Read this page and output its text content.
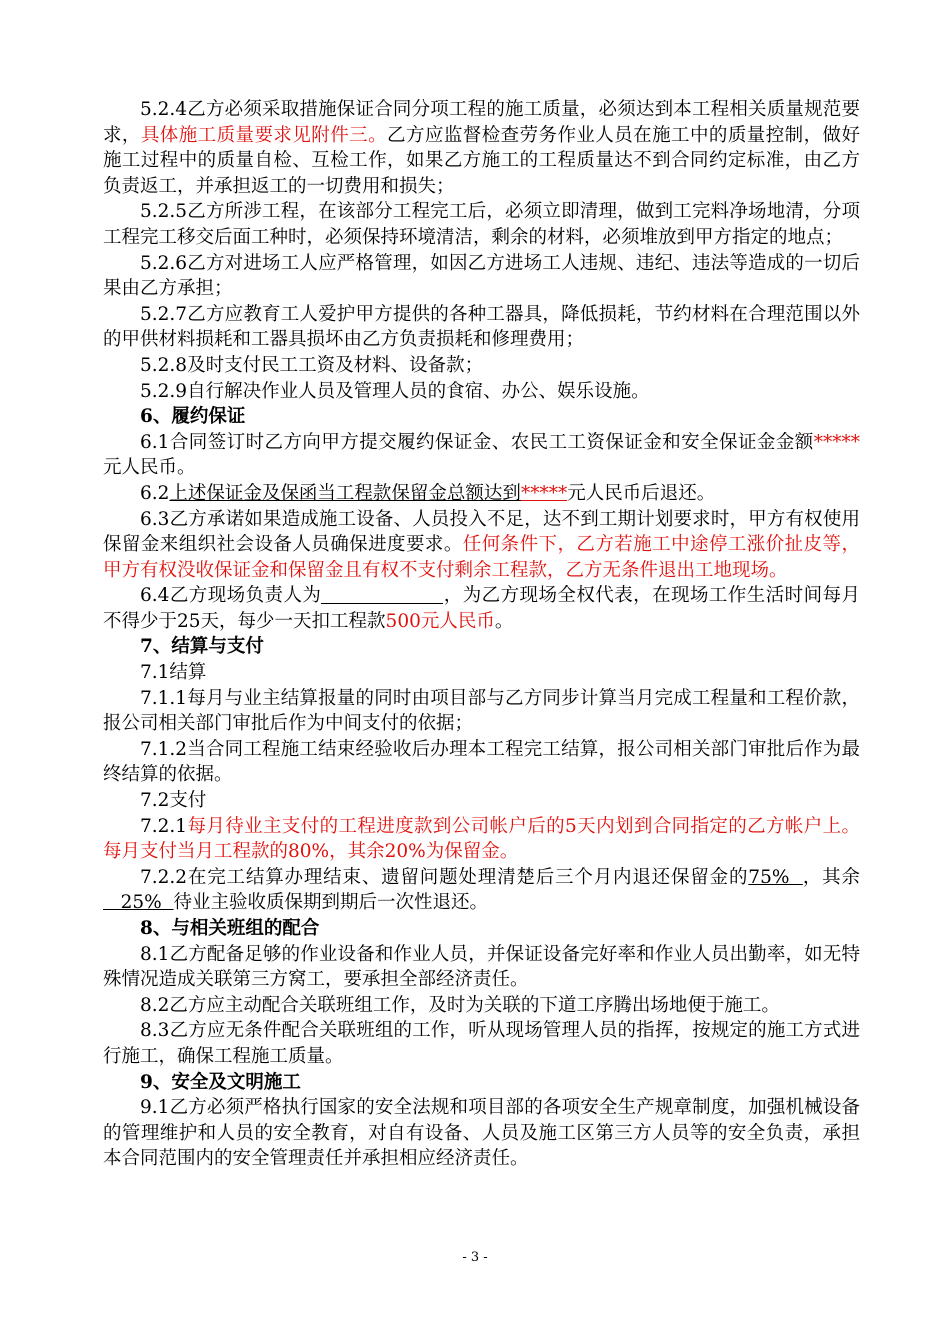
5.2.4乙方必须采取措施保证合同分项工程的施工质量，必须达到本工程相关质量规范要求，具体施工质量要求见附件三。乙方应监督检查劳务作业人员在施工中的质量控制，做好施工过程中的质量自检、互检工作，如果乙方施工的工程质量达不到合同约定标准，由乙方负责返工，并承担返工的一切费用和损失；

5.2.5乙方所涉工程，在该部分工程完工后，必须立即清理，做到工完料净场地清，分项工程完工移交后面工种时，必须保持环境清洁，剩余的材料，必须堆放到甲方指定的地点；

5.2.6乙方对进场工人应严格管理，如因乙方进场工人违规、违纪、违法等造成的一切后果由乙方承担；

5.2.7乙方应教育工人爱护甲方提供的各种工器具，降低损耗，节约材料在合理范围以外的甲供材料损耗和工器具损坏由乙方负责损耗和修理费用；

5.2.8及时支付民工工资及材料、设备款；

5.2.9自行解决作业人员及管理人员的食宿、办公、娱乐设施。

6、履约保证

6.1合同签订时乙方向甲方提交履约保证金、农民工工资保证金和安全保证金金额*****元人民币。

6.2上述保证金及保函当工程款保留金总额达到*****元人民币后退还。

6.3乙方承诺如果造成施工设备、人员投入不足，达不到工期计划要求时，甲方有权使用保留金来组织社会设备人员确保进度要求。任何条件下，乙方若施工中途停工涨价扯皮等，甲方有权没收保证金和保留金且有权不支付剩余工程款，乙方无条件退出工地现场。

6.4乙方现场负责人为	，为乙方现场全权代表，在现场工作生活时间每月不得少于25天，每少一天扣工程款500元人民币。

7、结算与支付

7.1结算

7.1.1每月与业主结算报量的同时由项目部与乙方同步计算当月完成工程量和工程价款，报公司相关部门审批后作为中间支付的依据；

7.1.2当合同工程施工结束经验收后办理本工程完工结算，报公司相关部门审批后作为最终结算的依据。

7.2支付

7.2.1每月待业主支付的工程进度款到公司帐户后的5天内划到合同指定的乙方帐户上。每月支付当月工程款的80%，其余20%为保留金。

7.2.2在完工结算办理结束、遗留问题处理清楚后三个月内退还保留金的75%  ，其余   25%  待业主验收质保期到期后一次性退还。

8、与相关班组的配合

8.1乙方配备足够的作业设备和作业人员，并保证设备完好率和作业人员出勤率，如无特殊情况造成关联第三方窝工，要承担全部经济责任。

8.2乙方应主动配合关联班组工作，及时为关联的下道工序腾出场地便于施工。

8.3乙方应无条件配合关联班组的工作，听从现场管理人员的指挥，按规定的施工方式进行施工，确保工程施工质量。

9、安全及文明施工

9.1乙方必须严格执行国家的安全法规和项目部的各项安全生产规章制度，加强机械设备的管理维护和人员的安全教育，对自有设备、人员及施工区第三方人员等的安全负责，承担本合同范围内的安全管理责任并承担相应经济责任。

- 3 -
